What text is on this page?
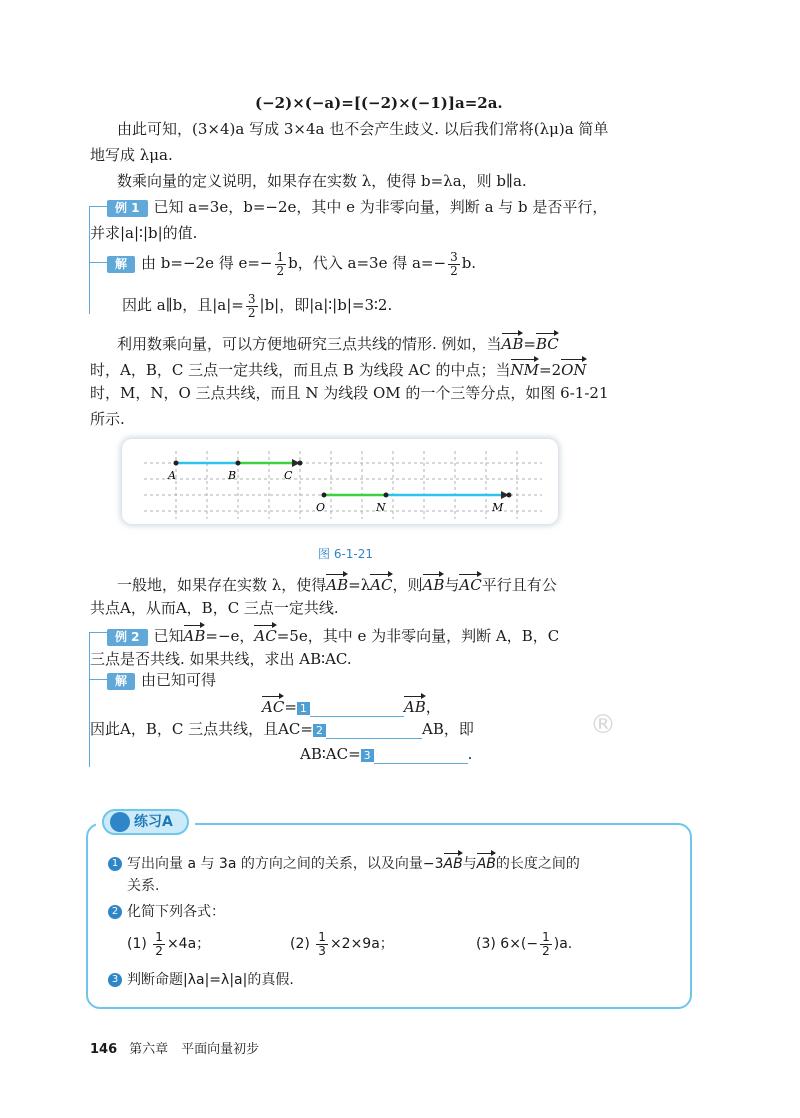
(−2)×(−a)=[(−2)×(−1)]a=2a.
由此可知，(3×4)a 写成 3×4a 也不会产生歧义. 以后我们常将(λμ)a 简单
地写成 λμa.
数乘向量的定义说明，如果存在实数 λ，使得 b=λa，则 b∥a.
例 1 已知 a=3e，b=−2e，其中 e 为非零向量，判断 a 与 b 是否平行，
并求|a|∶|b|的值.
解 由 b=−2e 得 $e=- \frac{1}{2}$ b，代入 a=3e 得 $a=- \frac{3}{2} b$.
因此 a∥b，且$|a|= \frac{3}{2} |b|$，即|a|∶|b|=3∶2.
利用数乘向量，可以方便地研究三点共线的情形. 例如，当AB=BC
时，A，B，C 三点一定共线，而且点 B 为线段 AC 的中点；当NM=2ON
时，M，N，O 三点共线，而且 N 为线段 OM 的一个三等分点，如图 6-1-21
所示.
A	B	C
O	N	M
图 6-1-21
一般地，如果存在实数 λ，使得AB=λAC，则AB与AC平行且有公
共点A，从而A，B，C 三点一定共线.
例 2 已知AB=−e，AC=5e，其中 e 为非零向量，判断 A，B，C
三点是否共线. 如果共线，求出 AB∶AC.
解 由已知可得
AC= 1	AB，
因此A，B，C 三点共线，且AC= 2	AB，即
AB∶AC= 3	.
®
练习A
1 写出向量 a 与 3a 的方向之间的关系，以及向量−3AB与AB的长度之间的
关系.
2 化简下列各式：
$(1) \frac{1}{2} \times 4a$；	$(2) \frac{1}{3} \times 2\times 9a$；	(3) $6\times(- \frac{1}{2} )a$.
3 判断命题|λa|=λ|a|的真假.
146 第六章　平面向量初步
